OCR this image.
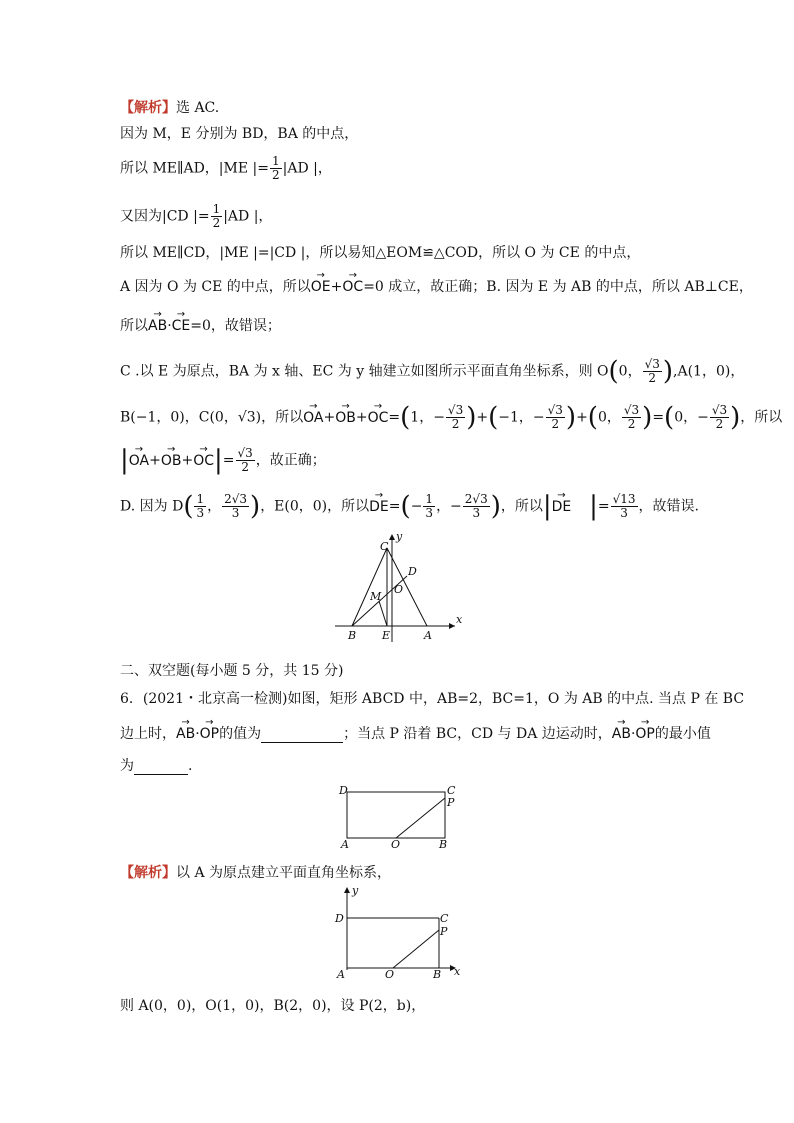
【解析】选 AC.
因为 M，E 分别为 BD，BA 的中点，
所以 ME∥AD，|ME |= $\frac{1}{2} |AD$ |，
又因为|CD |= $\frac{1}{2} |AD$ |，
所以 ME∥CD，|ME |=|CD |，所以易知△EOM≌△COD，所以 O 为 CE 的中点，
A 因为 O 为 CE 的中点，所以→ OE+→ OC=0 成立，故正确；B. 因为 E 为 AB 的中点，所以 AB⊥CE，
所以→ AB·→ CE=0，故错误；
C .以 E 为原点，BA 为 x 轴、EC 为 y 轴建立如图所示平面直角坐标系，则 O(0， $\frac{√3}{2} ),A(1$，0)，
B(−1，0)，C(0，√3)，所以→ OA+→ OB+→ OC=(1，− $\frac{√3}{2} )+(-1$，− $\frac{√3}{2} )+(0$， $\frac{√3}{2} )=(0$，− $\frac{√3}{2}$ )，所以
|→ $OA+\to OB+\to OC|= \frac{√3}{2}$ ，故正确；
D. 因为 $D( \frac{1}{3}$ ， $\frac{2√3}{3}$ )，E(0，0)，所以→ $DE=(- \frac{1}{3}$ ，− $\frac{2√3}{3}$ )，所以|→ DE |= $\frac{√13}{3}$ ，故错误.
C
y
D
O
M
B E	A
x
二、双空题(每小题 5 分，共 15 分)
6．(2021・北京高一检测)如图，矩形 ABCD 中，AB=2，BC=1，O 为 AB 的中点. 当点 P 在 BC
边上时，→ AB·→ OP的值为	；当点 P 沿着 BC，CD 与 DA 边运动时，→ AB·→ OP的最小值
为	.
D	C
P
A	O	B
【解析】以 A 为原点建立平面直角坐标系，
y
D	C
P
A	O	B x
则 A(0，0)，O(1，0)，B(2，0)，设 P(2，b)，
